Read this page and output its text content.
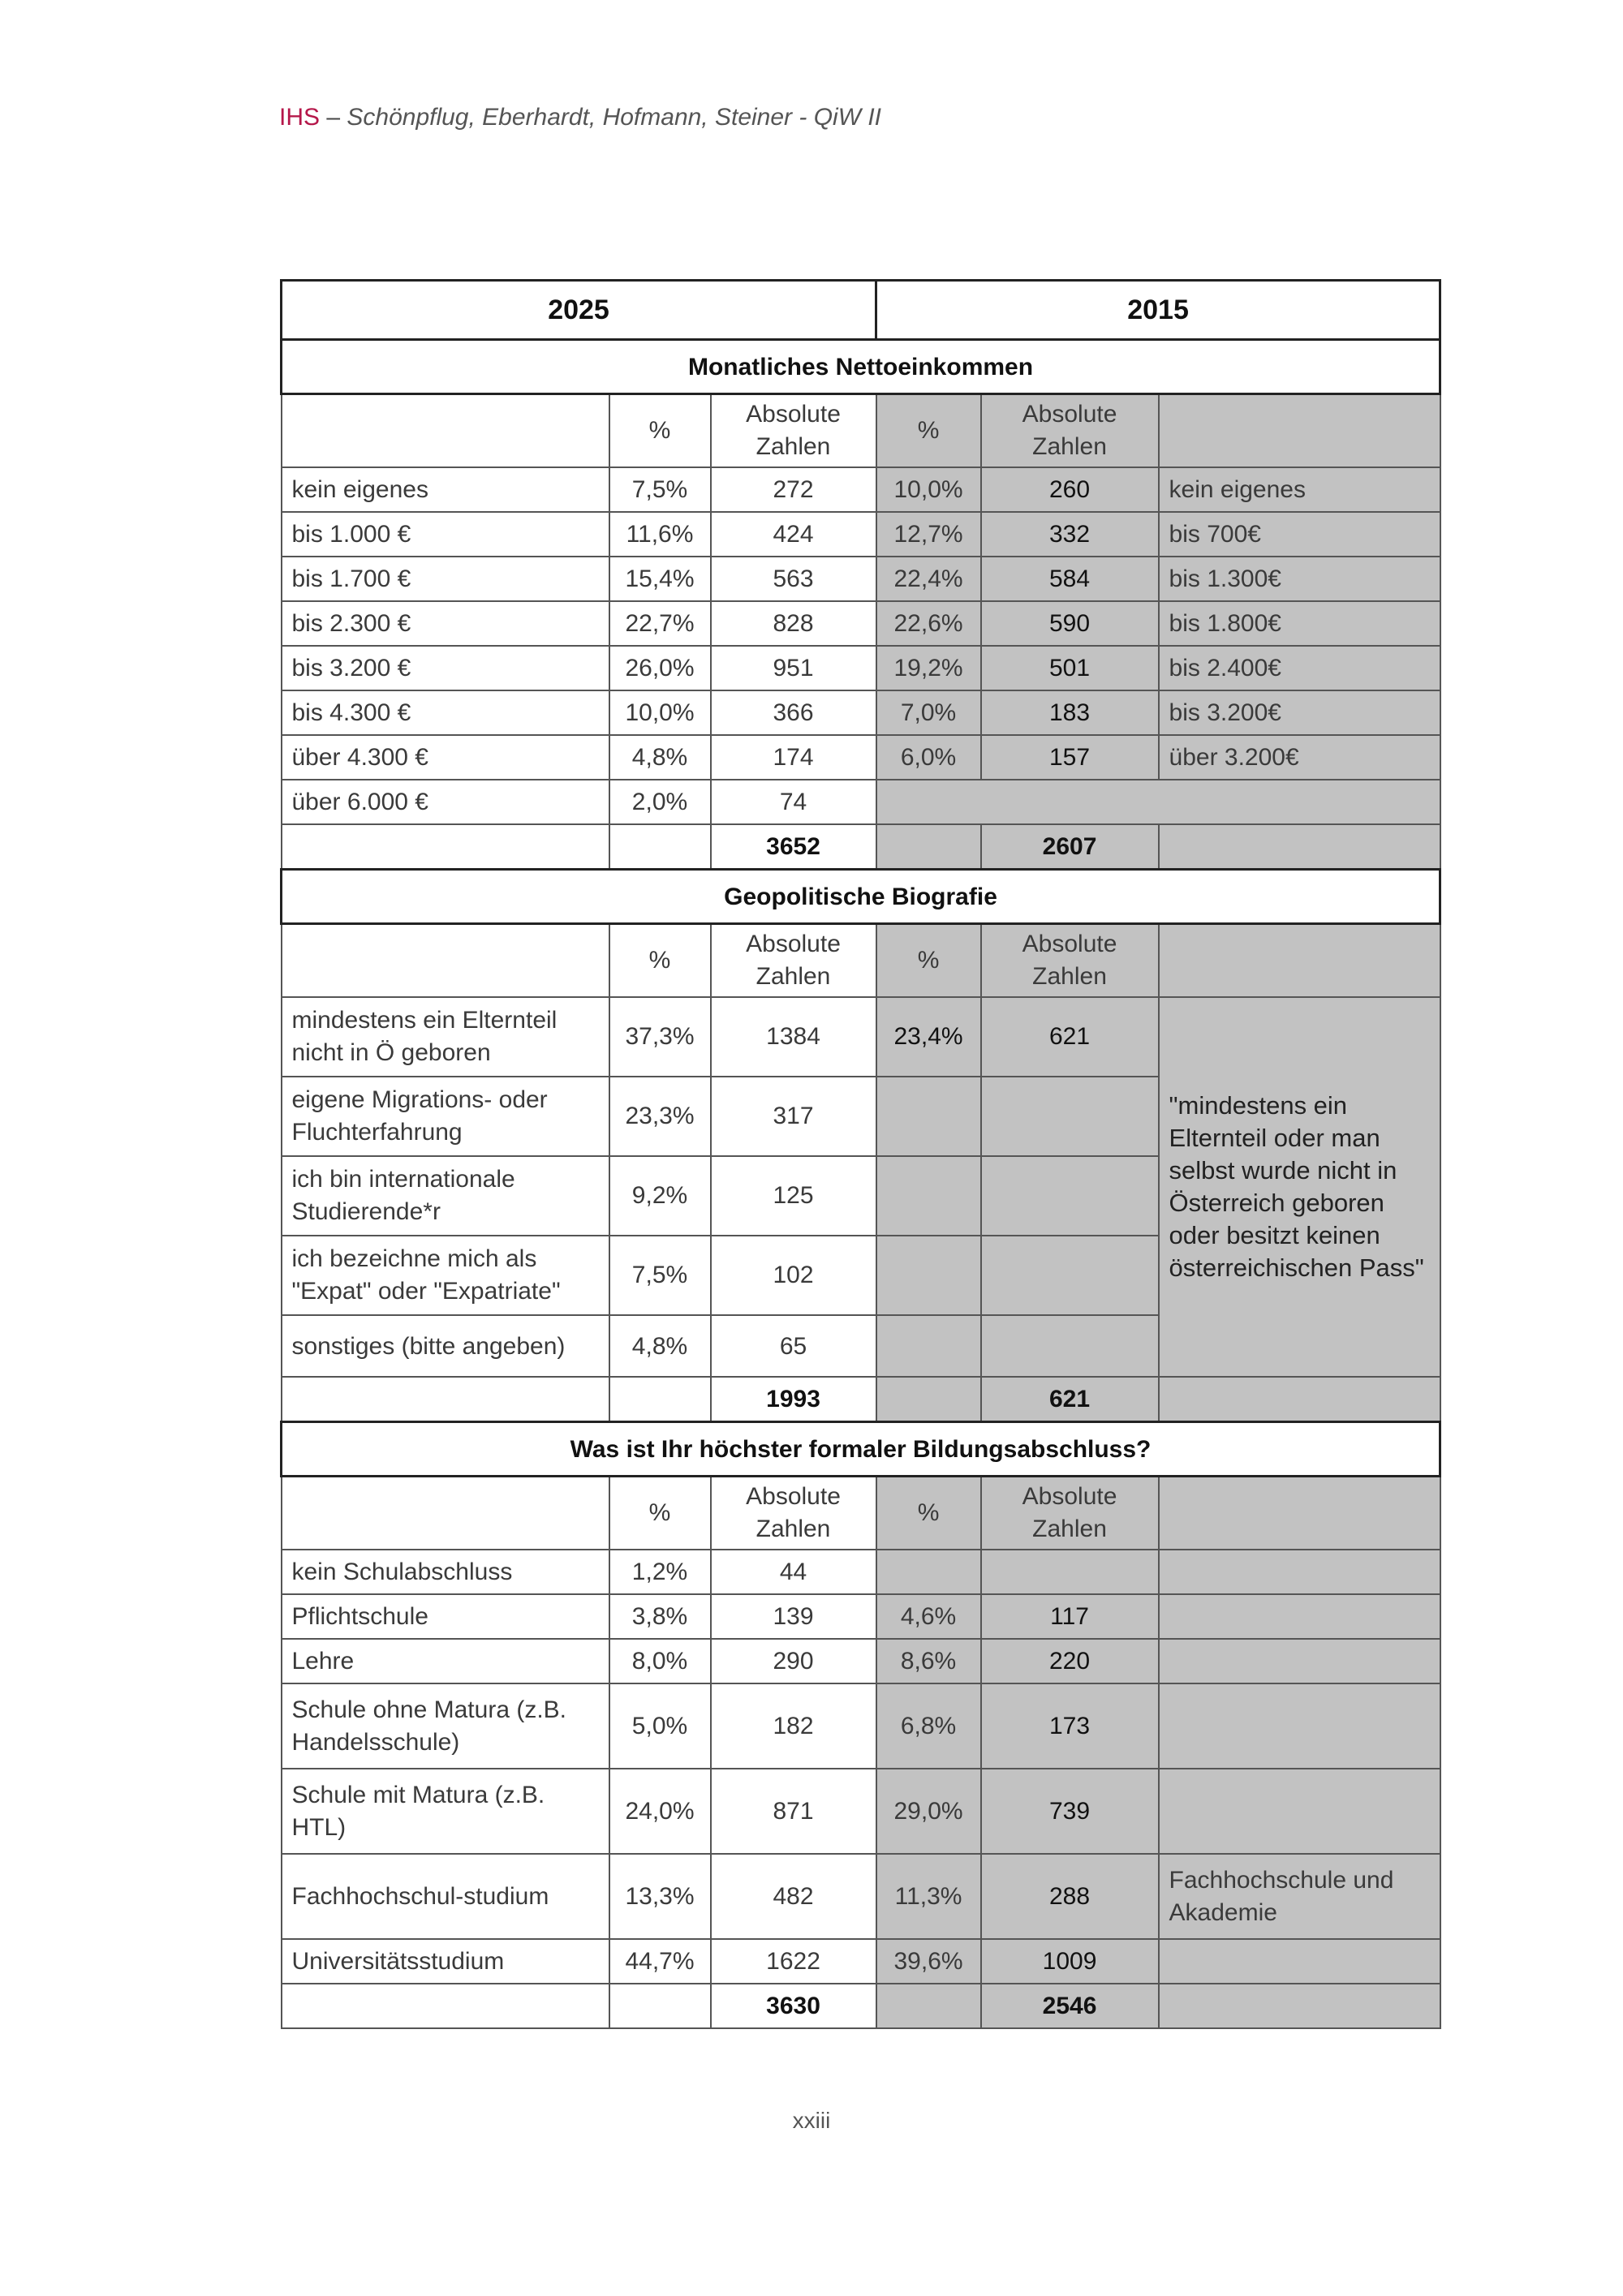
IHS – Schönpflug, Eberhardt, Hofmann, Steiner - QiW II
2025			2015		
Monatliches Nettoeinkommen					
	%	Absolute Zahlen	%	Absolute Zahlen	
kein eigenes	7,5%	272	10,0%	260	kein eigenes
bis 1.000 €	11,6%	424	12,7%	332	bis 700€
bis 1.700 €	15,4%	563	22,4%	584	bis 1.300€
bis 2.300 €	22,7%	828	22,6%	590	bis 1.800€
bis 3.200 €	26,0%	951	19,2%	501	bis 2.400€
bis 4.300 €	10,0%	366	7,0%	183	bis 3.200€
über 4.300 €	4,8%	174	6,0%	157	über 3.200€
über 6.000 €	2,0%	74			
		3652		2607	
Geopolitische Biografie					
	%	Absolute Zahlen	%	Absolute Zahlen	
mindestens ein Elternteil nicht in Ö geboren	37,3%	1384	23,4%	621	"mindestens ein Elternteil oder man selbst wurde nicht in Österreich geboren oder besitzt keinen österreichischen Pass"
eigene Migrations- oder Fluchterfahrung	23,3%	317			
ich bin internationale Studierende*r	9,2%	125			
ich bezeichne mich als "Expat" oder "Expatriate"	7,5%	102			
sonstiges (bitte angeben)	4,8%	65			
		1993		621	
Was ist Ihr höchster formaler Bildungsabschluss?					
	%	Absolute Zahlen	%	Absolute Zahlen	
kein Schulabschluss	1,2%	44			
Pflichtschule	3,8%	139	4,6%	117	
Lehre	8,0%	290	8,6%	220	
Schule ohne Matura (z.B. Handelsschule)	5,0%	182	6,8%	173	
Schule mit Matura (z.B. HTL)	24,0%	871	29,0%	739	
Fachhochschul-studium	13,3%	482	11,3%	288	Fachhochschule und Akademie
Universitätsstudium	44,7%	1622	39,6%	1009	
		3630		2546	
xxiii
